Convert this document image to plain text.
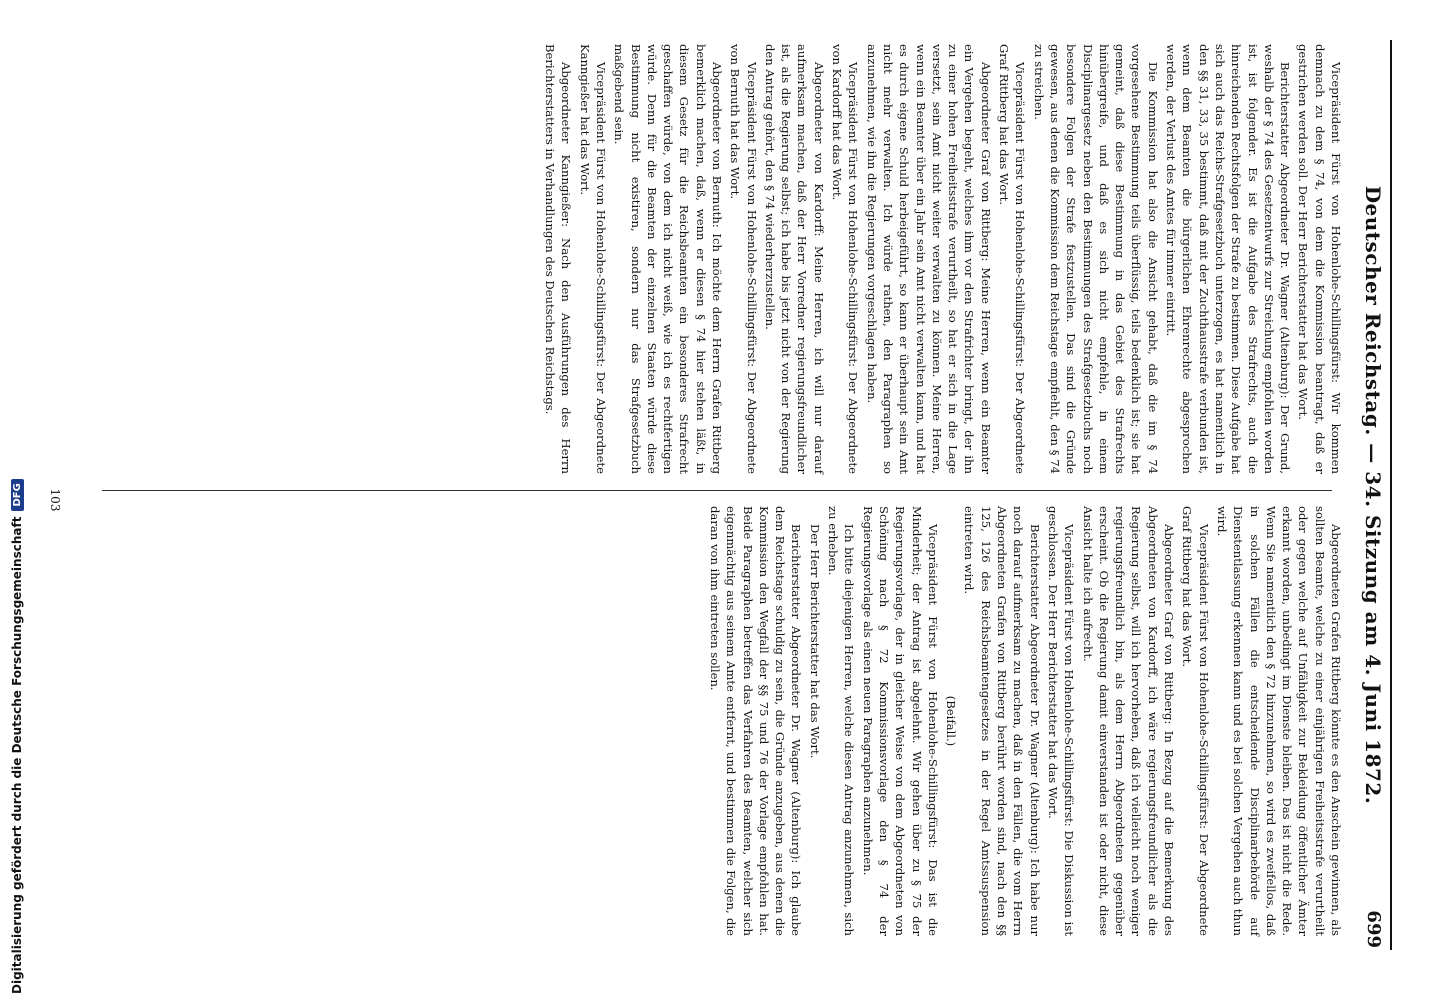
Deutscher Reichstag. — 34. Sitzung am 4. Juni 1872.
699

Vicepräsident Fürst von Hohenlohe-Schillingsfürst: Wir kommen demnach zu dem § 74, von dem die Kommission beantragt, daß er gestrichen werden soll. Der Herr Berichterstatter hat das Wort.

Berichterstatter Abgeordneter Dr. Wagner (Altenburg): Der Grund, weshalb der § 74 des Gesetzentwurfs zur Streichung empfohlen worden ist, ist folgender. Es ist die Aufgabe des Strafrechts, auch die hinreichenden Rechtsfolgen der Strafe zu bestimmen. Diese Aufgabe hat sich auch das Reichs-Strafgesetzbuch unterzogen, es hat namentlich in den §§ 31, 33, 35 bestimmt, daß mit der Zuchthausstrafe verbunden ist, wenn dem Beamten die bürgerlichen Ehrenrechte abgesprochen werden, der Verlust des Amtes für immer eintritt.

Die Kommission hat also die Ansicht gehabt, daß die im § 74 vorgesehene Bestimmung teils überflüssig, teils bedenklich ist; sie hat gemeint, daß diese Bestimmung in das Gebiet des Strafrechts hinübergreife, und daß es sich nicht empfehle, in einem Disciplinargesetz neben den Bestimmungen des Strafgesetzbuchs noch besondere Folgen der Strafe festzustellen. Das sind die Gründe gewesen, aus denen die Kommission dem Reichstage empfiehlt, den § 74 zu streichen.

Vicepräsident Fürst von Hohenlohe-Schillingsfürst: Der Abgeordnete Graf Rittberg hat das Wort.

Abgeordneter Graf von Rittberg: Meine Herren, wenn ein Beamter ein Vergehen begeht, welches ihm vor den Strafrichter bringt, der ihn zu einer hohen Freiheitsstrafe verurtheilt, so hat er sich in die Lage versetzt, sein Amt nicht weiter verwalten zu können. Meine Herren, wenn ein Beamter über ein Jahr sein Amt nicht verwalten kann, und hat es durch eigene Schuld herbeigeführt, so kann er überhaupt sein Amt nicht mehr verwalten. Ich würde rathen, den Paragraphen so anzunehmen, wie ihn die Regierungen vorgeschlagen haben.

Vicepräsident Fürst von Hohenlohe-Schillingsfürst: Der Abgeordnete von Kardorff hat das Wort.

Abgeordneter von Kardorff: Meine Herren, ich will nur darauf aufmerksam machen, daß der Herr Vorredner regierungsfreundlicher ist, als die Regierung selbst; ich habe bis jetzt nicht von der Regierung den Antrag gehört, den § 74 wiederherzustellen.

Vicepräsident Fürst von Hohenlohe-Schillingsfürst: Der Abgeordnete von Bernuth hat das Wort.

Abgeordneter von Bernuth: Ich möchte dem Herrn Grafen Rittberg bemerklich machen, daß, wenn er diesen § 74 hier stehen läßt, in diesem Gesetz für die Reichsbeamten ein besonderes Strafrecht geschaffen würde, von dem ich nicht weiß, wie ich es rechtfertigen würde. Denn für die Beamten der einzelnen Staaten würde diese Bestimmung nicht existiren, sondern nur das Strafgesetzbuch maßgebend sein.

Vicepräsident Fürst von Hohenlohe-Schillingsfürst: Der Abgeordnete Kanngießer hat das Wort.

Abgeordneter Kanngießer: Nach den Ausführungen des Herrn Berichterstatters in Verhandlungen des Deutschen Reichstags.

Abgeordneten Grafen Rittberg könnte es den Anschein gewinnen, als sollten Beamte, welche zu einer einjährigen Freiheitsstrafe verurtheilt oder gegen welche auf Unfähigkeit zur Bekleidung öffentlicher Ämter erkannt worden, unbedingt im Dienste bleiben. Das ist nicht die Rede. Wenn Sie namentlich den § 72 hinzunehmen, so wird es zweifellos, daß in solchen Fällen die entscheidende Disciplinarbehörde auf Dienstentlassung erkennen kann und es bei solchen Vergehen auch thun wird.

Vicepräsident Fürst von Hohenlohe-Schillingsfürst: Der Abgeordnete Graf Rittberg hat das Wort.

Abgeordneter Graf von Rittberg: In Bezug auf die Bemerkung des Abgeordneten von Kardorff, ich wäre regierungsfreundlicher als die Regierung selbst, will ich hervorheben, daß ich vielleicht noch weniger regierungsfreundlich bin, als dem Herrn Abgeordneten gegenüber erscheint. Ob die Regierung damit einverstanden ist oder nicht, diese Ansicht halte ich aufrecht.

Vicepräsident Fürst von Hohenlohe-Schillingsfürst: Die Diskussion ist geschlossen. Der Herr Berichterstatter hat das Wort.

Berichterstatter Abgeordneter Dr. Wagner (Altenburg): Ich habe nur noch darauf aufmerksam zu machen, daß in den Fällen, die vom Herrn Abgeordneten Grafen von Rittberg berührt worden sind, nach den §§ 125, 126 des Reichsbeamtengesetzes in der Regel Amtssuspension eintreten wird.

(Beifall.)

Vicepräsident Fürst von Hohenlohe-Schillingsfürst: Das ist die Minderheit; der Antrag ist abgelehnt. Wir gehen über zu § 75 der Regierungsvorlage, der in gleicher Weise von dem Abgeordneten von Schöning nach § 72 Kommissionsvorlage den § 74 der Regierungsvorlage als einen neuen Paragraphen anzunehmen.

Ich bitte diejenigen Herren, welche diesen Antrag anzunehmen, sich zu erheben.

Der Herr Berichterstatter hat das Wort.

Berichterstatter Abgeordneter Dr. Wagner (Altenburg): Ich glaube dem Reichstage schuldig zu sein, die Gründe anzugeben, aus denen die Kommission den Wegfall der §§ 75 und 76 der Vorlage empfohlen hat. Beide Paragraphen betreffen das Verfahren des Beamten, welcher sich eigenmächtig aus seinem Amte entfernt, und bestimmen die Folgen, die daran von ihm eintreten sollen.

103
Digitalisierung gefördert durch die Deutsche Forschungsgemeinschaft
DFG
